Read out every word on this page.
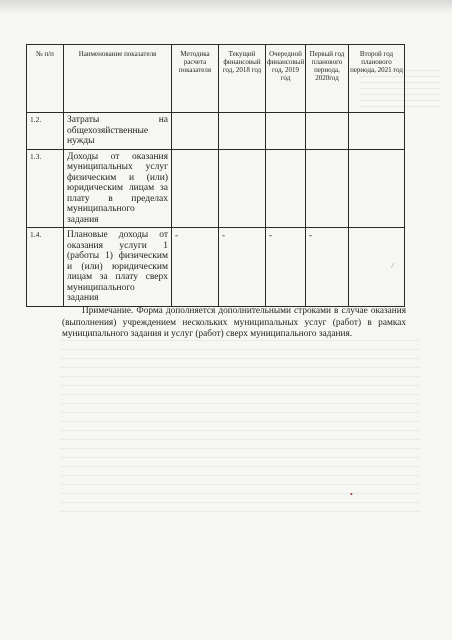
№ п/п	Наименование показателя	Методика расчета показателя	Текущий финансовый год, 2018 год	Очередной финансовый год, 2019 год	Первый год планового периода, 2020год	Второй год планового периода, 2021 год
1.2.	Затраты на общехозяйственные нужды					
1.3.	Доходы от оказания муниципальных услуг физическим и (или) юридическим лицам за плату в пределах муниципального задания					
1.4.	Плановые доходы от оказания услуги 1 (работы 1) физическим и (или) юридическим лицам за плату сверх муниципального задания	-	-	-	-	
Примечание. Форма дополняется дополнительными строками в случае оказания (выполнения) учреждением нескольких муниципальных услуг (работ) в рамках муниципального задания и услуг (работ) сверх муниципального задания.
⁄
•
